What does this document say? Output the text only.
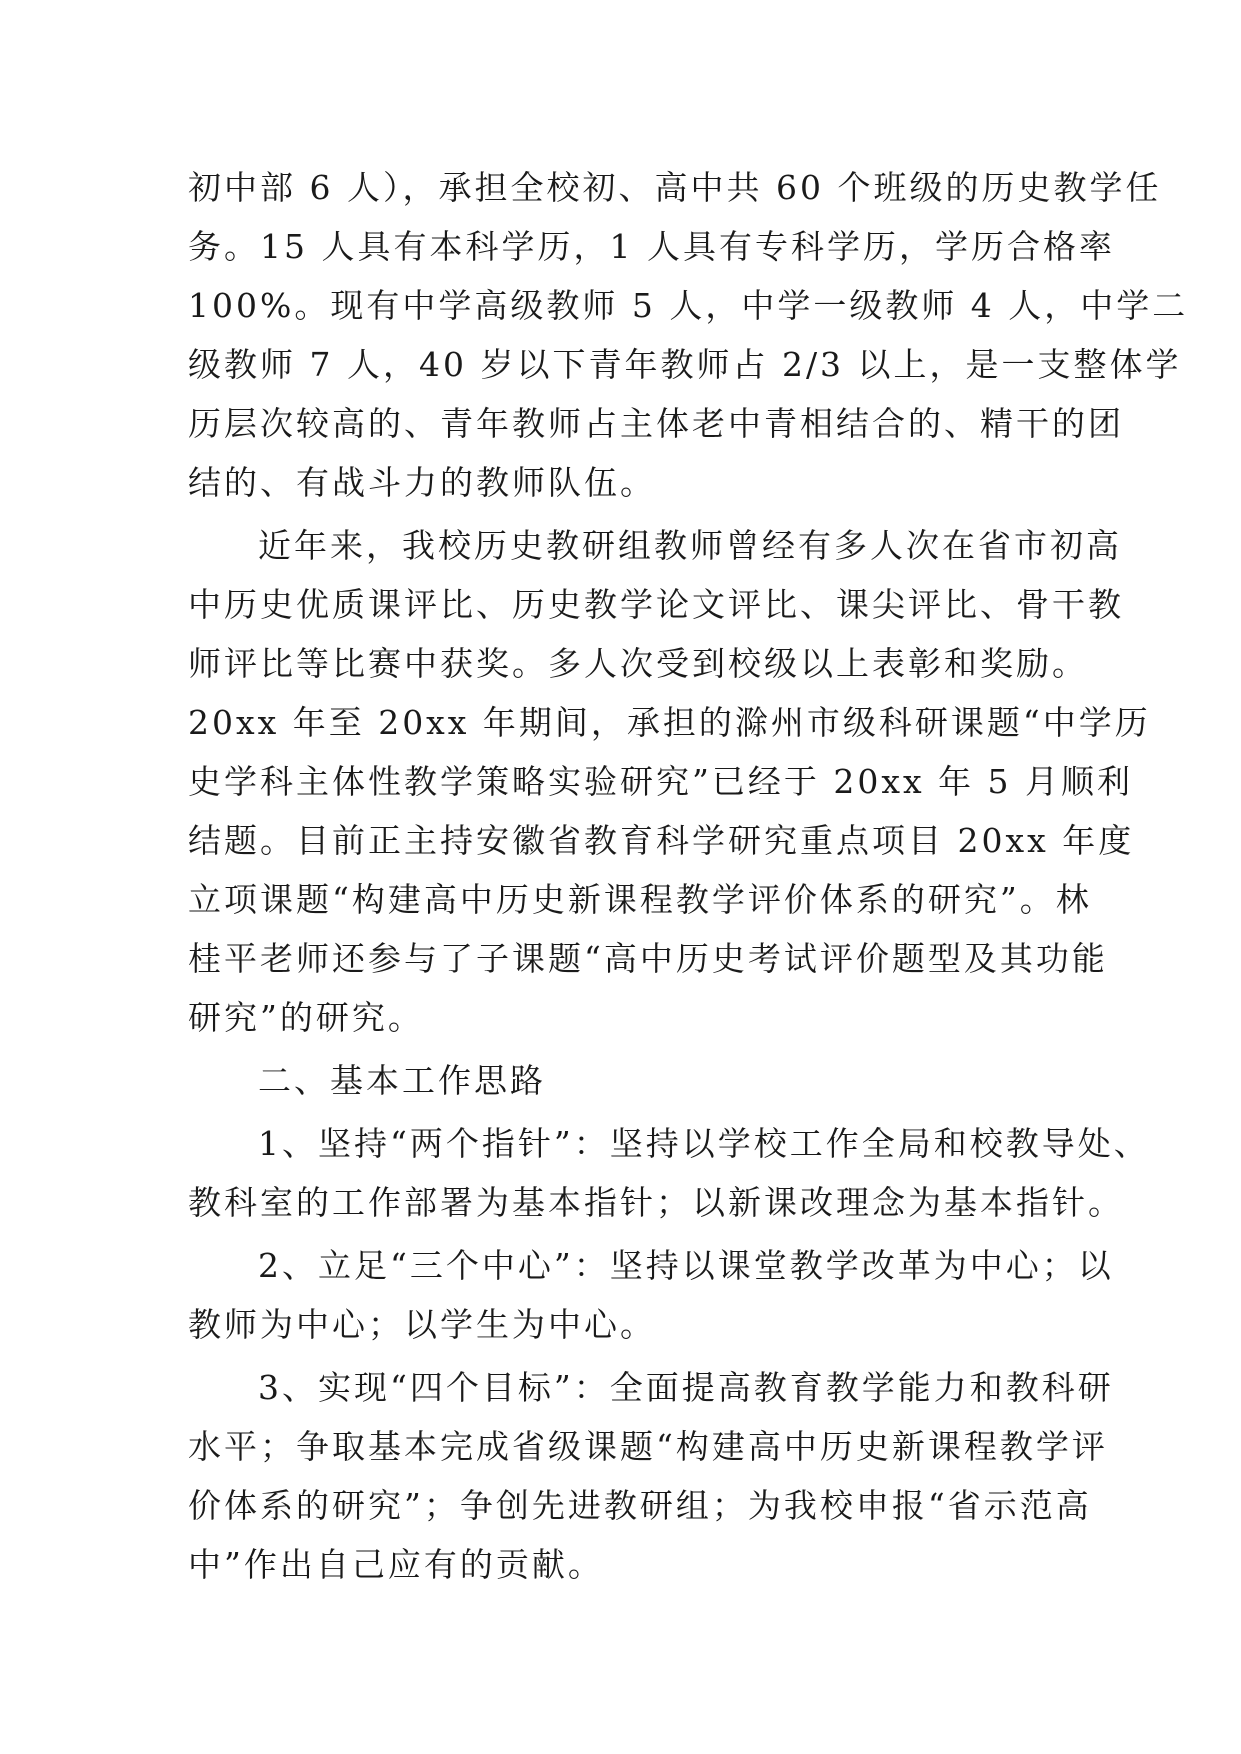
初中部 6 人），承担全校初、高中共 60 个班级的历史教学任
务。15 人具有本科学历，1 人具有专科学历，学历合格率
100%。现有中学高级教师 5 人，中学一级教师 4 人，中学二
级教师 7 人，40 岁以下青年教师占 2/3 以上，是一支整体学
历层次较高的、青年教师占主体老中青相结合的、精干的团
结的、有战斗力的教师队伍。
近年来，我校历史教研组教师曾经有多人次在省市初高
中历史优质课评比、历史教学论文评比、课尖评比、骨干教
师评比等比赛中获奖。多人次受到校级以上表彰和奖励。
20xx 年至 20xx 年期间，承担的滁州市级科研课题“中学历
史学科主体性教学策略实验研究”已经于 20xx 年 5 月顺利
结题。目前正主持安徽省教育科学研究重点项目 20xx 年度
立项课题“构建高中历史新课程教学评价体系的研究”。林
桂平老师还参与了子课题“高中历史考试评价题型及其功能
研究”的研究。
二、基本工作思路
1、坚持“两个指针”：坚持以学校工作全局和校教导处、
教科室的工作部署为基本指针；以新课改理念为基本指针。
2、立足“三个中心”：坚持以课堂教学改革为中心；以
教师为中心；以学生为中心。
3、实现“四个目标”：全面提高教育教学能力和教科研
水平；争取基本完成省级课题“构建高中历史新课程教学评
价体系的研究”；争创先进教研组；为我校申报“省示范高
中”作出自己应有的贡献。
